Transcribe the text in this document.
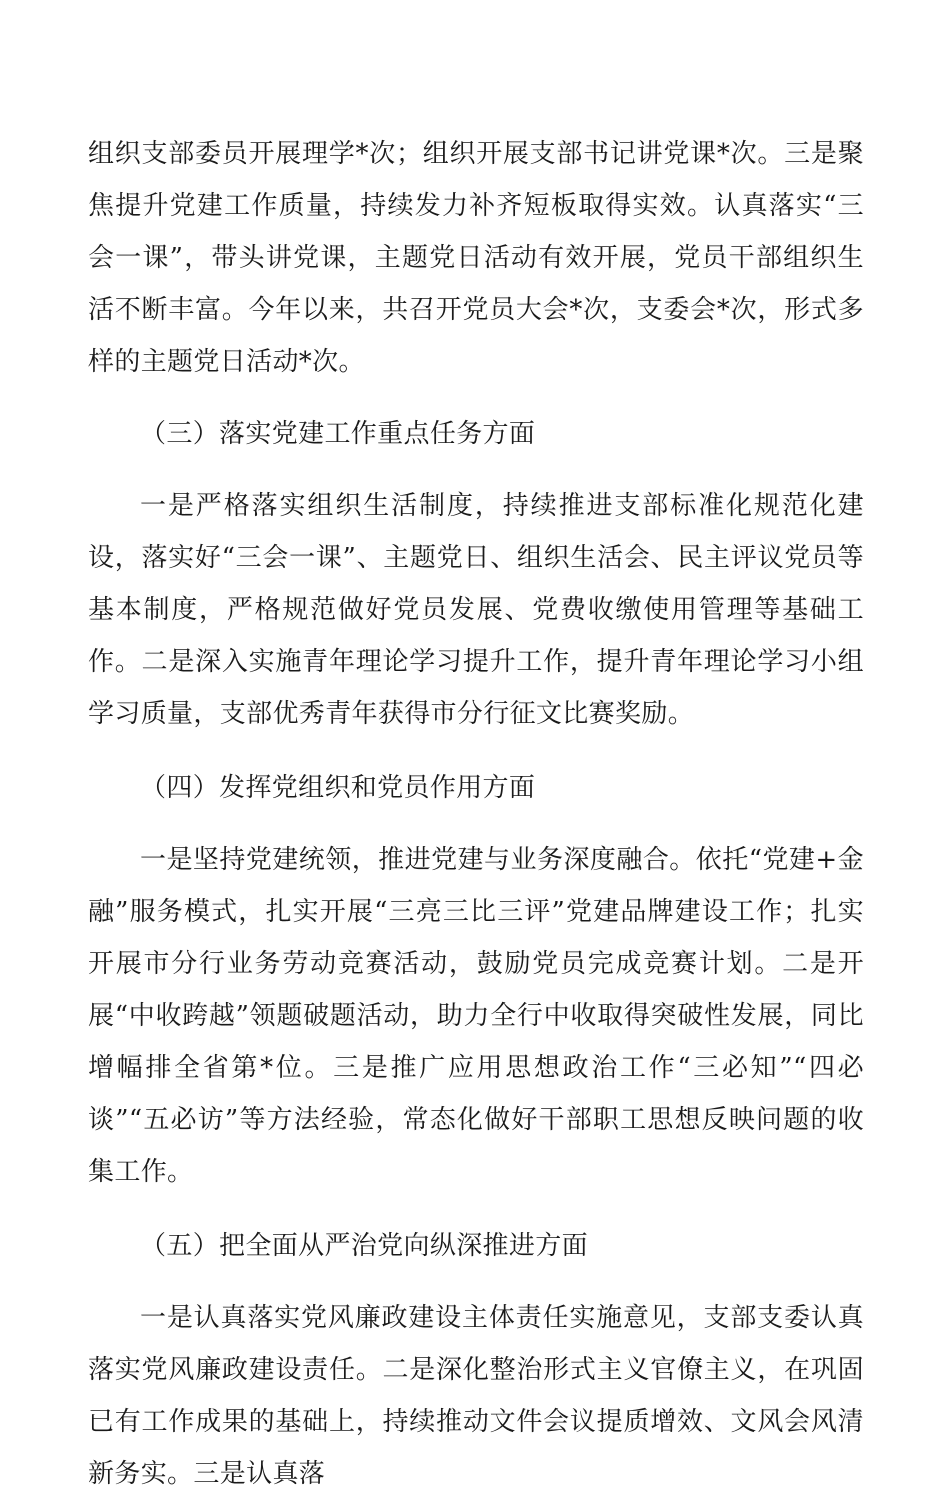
组织支部委员开展理学*次；组织开展支部书记讲党课*次。三是聚焦提升党建工作质量，持续发力补齐短板取得实效。认真落实“三会一课”，带头讲党课，主题党日活动有效开展，党员干部组织生活不断丰富。今年以来，共召开党员大会*次，支委会*次，形式多样的主题党日活动*次。

（三）落实党建工作重点任务方面

一是严格落实组织生活制度，持续推进支部标准化规范化建设，落实好“三会一课”、主题党日、组织生活会、民主评议党员等基本制度，严格规范做好党员发展、党费收缴使用管理等基础工作。二是深入实施青年理论学习提升工作，提升青年理论学习小组学习质量，支部优秀青年获得市分行征文比赛奖励。

（四）发挥党组织和党员作用方面

一是坚持党建统领，推进党建与业务深度融合。依托“党建+金融”服务模式，扎实开展“三亮三比三评”党建品牌建设工作；扎实开展市分行业务劳动竞赛活动，鼓励党员完成竞赛计划。二是开展“中收跨越”领题破题活动，助力全行中收取得突破性发展，同比增幅排全省第*位。三是推广应用思想政治工作“三必知”“四必谈”“五必访”等方法经验，常态化做好干部职工思想反映问题的收集工作。

（五）把全面从严治党向纵深推进方面

一是认真落实党风廉政建设主体责任实施意见，支部支委认真落实党风廉政建设责任。二是深化整治形式主义官僚主义，在巩固已有工作成果的基础上，持续推动文件会议提质增效、文风会风清新务实。三是认真落
